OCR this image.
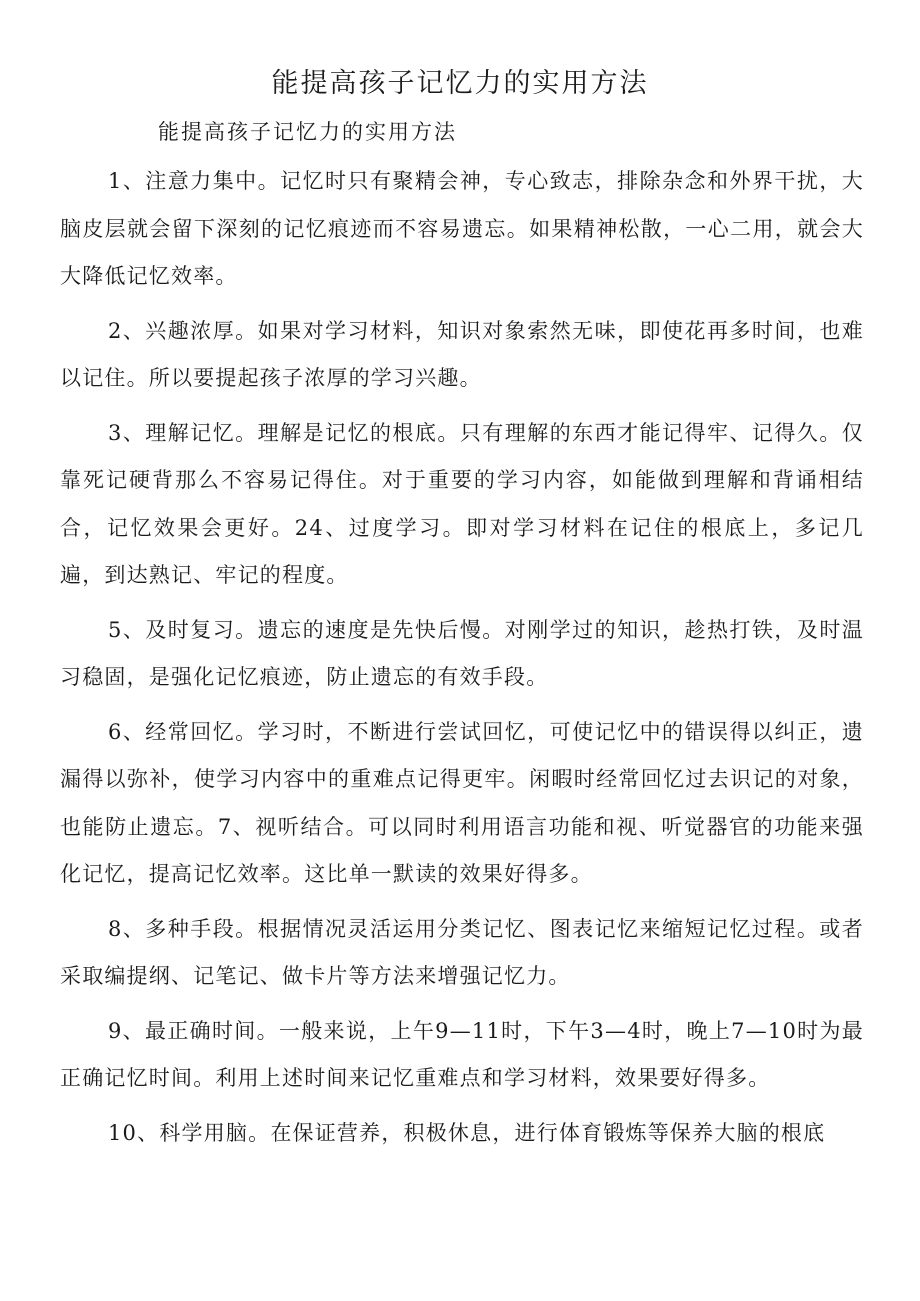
能提高孩子记忆力的实用方法

能提高孩子记忆力的实用方法

1、注意力集中。记忆时只有聚精会神，专心致志，排除杂念和外界干扰，大脑皮层就会留下深刻的记忆痕迹而不容易遗忘。如果精神松散，一心二用，就会大大降低记忆效率。

2、兴趣浓厚。如果对学习材料，知识对象索然无味，即使花再多时间，也难以记住。所以要提起孩子浓厚的学习兴趣。

3、理解记忆。理解是记忆的根底。只有理解的东西才能记得牢、记得久。仅靠死记硬背那么不容易记得住。对于重要的学习内容，如能做到理解和背诵相结合，记忆效果会更好。24、过度学习。即对学习材料在记住的根底上，多记几遍，到达熟记、牢记的程度。

5、及时复习。遗忘的速度是先快后慢。对刚学过的知识，趁热打铁，及时温习稳固，是强化记忆痕迹，防止遗忘的有效手段。

6、经常回忆。学习时，不断进行尝试回忆，可使记忆中的错误得以纠正，遗漏得以弥补，使学习内容中的重难点记得更牢。闲暇时经常回忆过去识记的对象，也能防止遗忘。7、视听结合。可以同时利用语言功能和视、听觉器官的功能来强化记忆，提高记忆效率。这比单一默读的效果好得多。

8、多种手段。根据情况灵活运用分类记忆、图表记忆来缩短记忆过程。或者采取编提纲、记笔记、做卡片等方法来增强记忆力。

9、最正确时间。一般来说，上午9—11时，下午3—4时，晚上7—10时为最正确记忆时间。利用上述时间来记忆重难点和学习材料，效果要好得多。

10、科学用脑。在保证营养，积极休息，进行体育锻炼等保养大脑的根底
